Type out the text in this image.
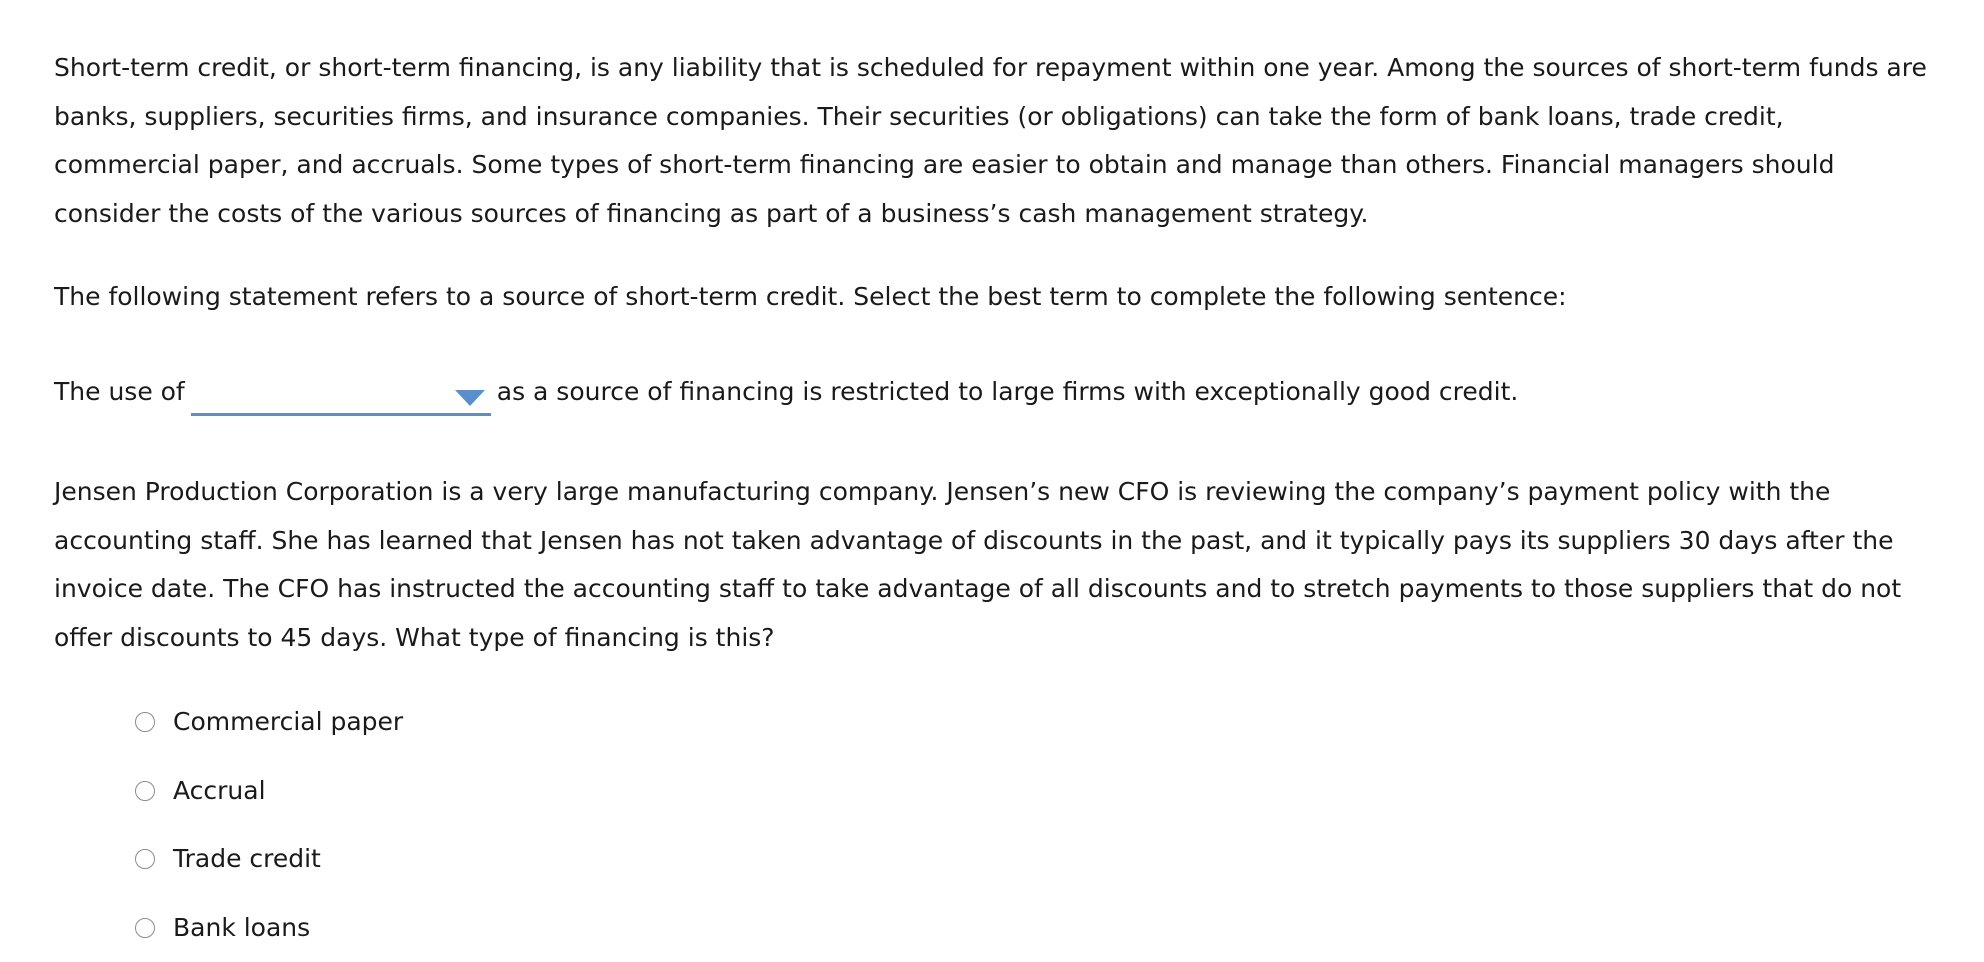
Short-term credit, or short-term financing, is any liability that is scheduled for repayment within one year. Among the sources of short-term funds are banks, suppliers, securities firms, and insurance companies. Their securities (or obligations) can take the form of bank loans, trade credit, commercial paper, and accruals. Some types of short-term financing are easier to obtain and manage than others. Financial managers should consider the costs of the various sources of financing as part of a business’s cash management strategy.

The following statement refers to a source of short-term credit. Select the best term to complete the following sentence:

The use of	as a source of financing is restricted to large firms with exceptionally good credit.

Jensen Production Corporation is a very large manufacturing company. Jensen’s new CFO is reviewing the company’s payment policy with the accounting staff. She has learned that Jensen has not taken advantage of discounts in the past, and it typically pays its suppliers 30 days after the invoice date. The CFO has instructed the accounting staff to take advantage of all discounts and to stretch payments to those suppliers that do not offer discounts to 45 days. What type of financing is this?

Commercial paper
Accrual
Trade credit
Bank loans
